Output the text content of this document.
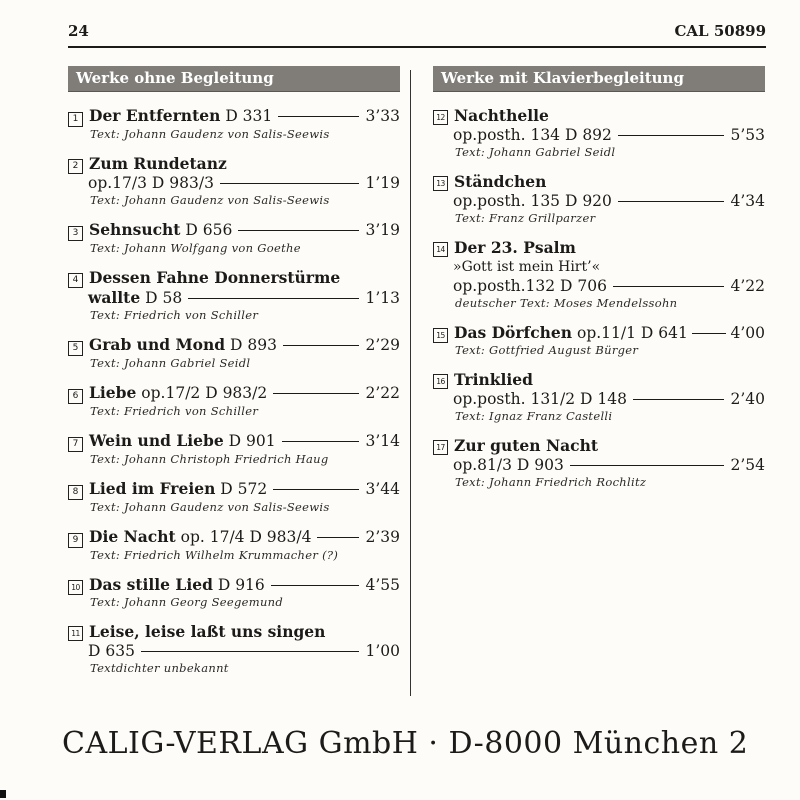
24	CAL 50899
Werke ohne Begleitung
1 Der Entfernten
D 331	3’33
Text: Johann Gaudenz von Salis-Seewis
2 Zum Rundetanz
op.17/3 D 983/3	1’19
Text: Johann Gaudenz von Salis-Seewis
3 Sehnsucht
D 656	3’19
Text: Johann Wolfgang von Goethe
4 Dessen Fahne Donnerstürme
wallte
D 58	1’13
Text: Friedrich von Schiller
5 Grab und Mond
D 893	2’29
Text: Johann Gabriel Seidl
6 Liebe
op.17/2 D 983/2	2’22
Text: Friedrich von Schiller
7 Wein und Liebe
D 901	3’14
Text: Johann Christoph Friedrich Haug
8 Lied im Freien
D 572	3’44
Text: Johann Gaudenz von Salis-Seewis
9 Die Nacht
op. 17/4 D 983/4	2’39
Text: Friedrich Wilhelm Krummacher (?)
10 Das stille Lied
D 916	4’55
Text: Johann Georg Seegemund
11 Leise, leise laßt uns singen
D 635	1’00
Textdichter unbekannt
Werke mit Klavierbegleitung
12 Nachthelle
op.posth. 134 D 892	5’53
Text: Johann Gabriel Seidl
13 Ständchen
op.posth. 135 D 920	4’34
Text: Franz Grillparzer
14 Der 23. Psalm
»Gott ist mein Hirt’«
op.posth.132 D 706	4’22
deutscher Text: Moses Mendelssohn
15 Das Dörfchen
op.11/1 D 641	4’00
Text: Gottfried August Bürger
16 Trinklied
op.posth. 131/2 D 148	2’40
Text: Ignaz Franz Castelli
17 Zur guten Nacht
op.81/3 D 903	2’54
Text: Johann Friedrich Rochlitz
CALIG-VERLAG GmbH · D-8000 München 2
